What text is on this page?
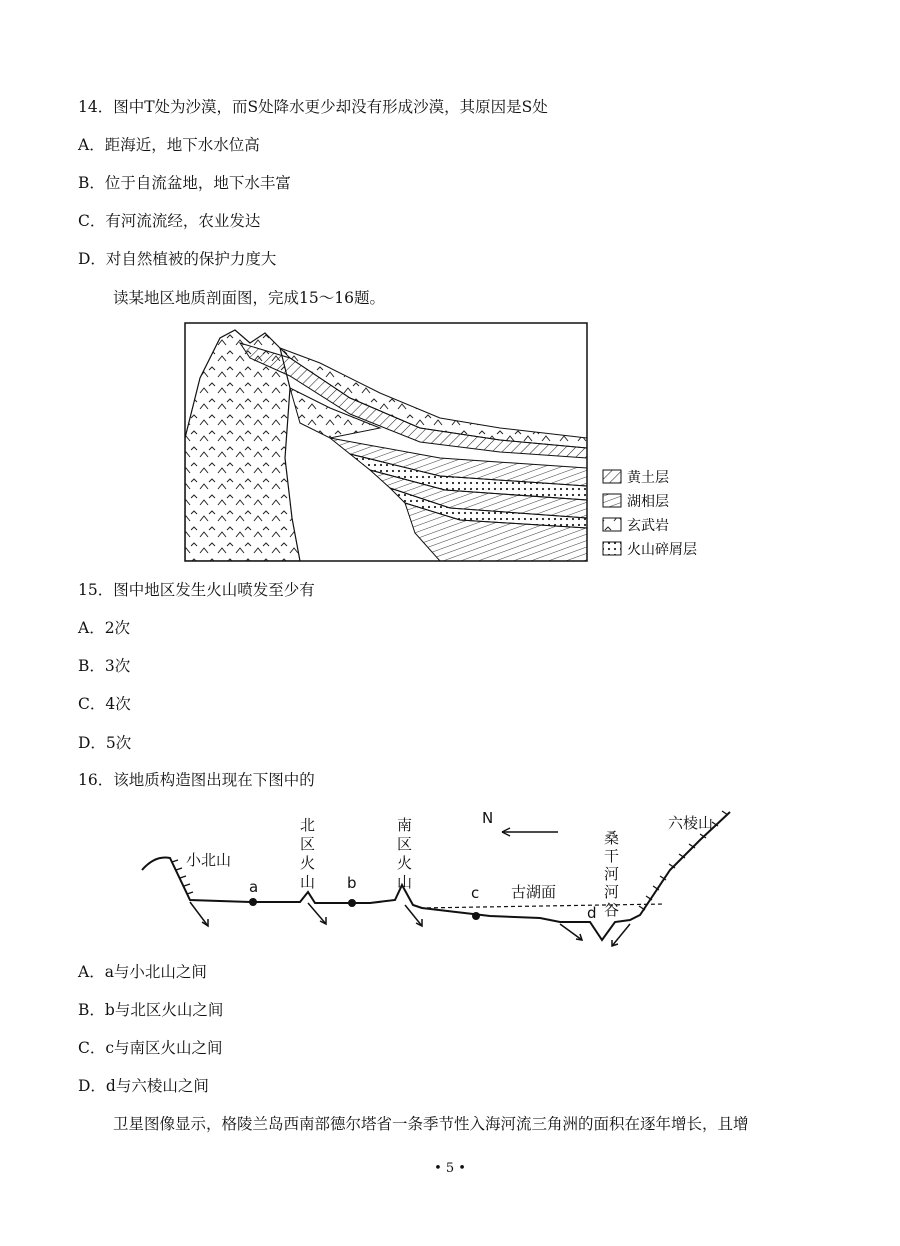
14．图中T处为沙漠，而S处降水更少却没有形成沙漠，其原因是S处
A．距海近，地下水水位高
B．位于自流盆地，地下水丰富
C．有河流流经，农业发达
D．对自然植被的保护力度大
读某地区地质剖面图，完成15～16题。
黄土层
湖相层
玄武岩
火山碎屑层
15．图中地区发生火山喷发至少有
A．2次
B．3次
C．4次
D．5次
16．该地质构造图出现在下图中的
小北山
a	b
c
d
北
区
火
山
南
区
火
山
N
古湖面
桑
干
河
河
谷
六棱山
A．a与小北山之间
B．b与北区火山之间
C．c与南区火山之间
D．d与六棱山之间
卫星图像显示，格陵兰岛西南部德尔塔省一条季节性入海河流三角洲的面积在逐年增长，且增
• 5 •
